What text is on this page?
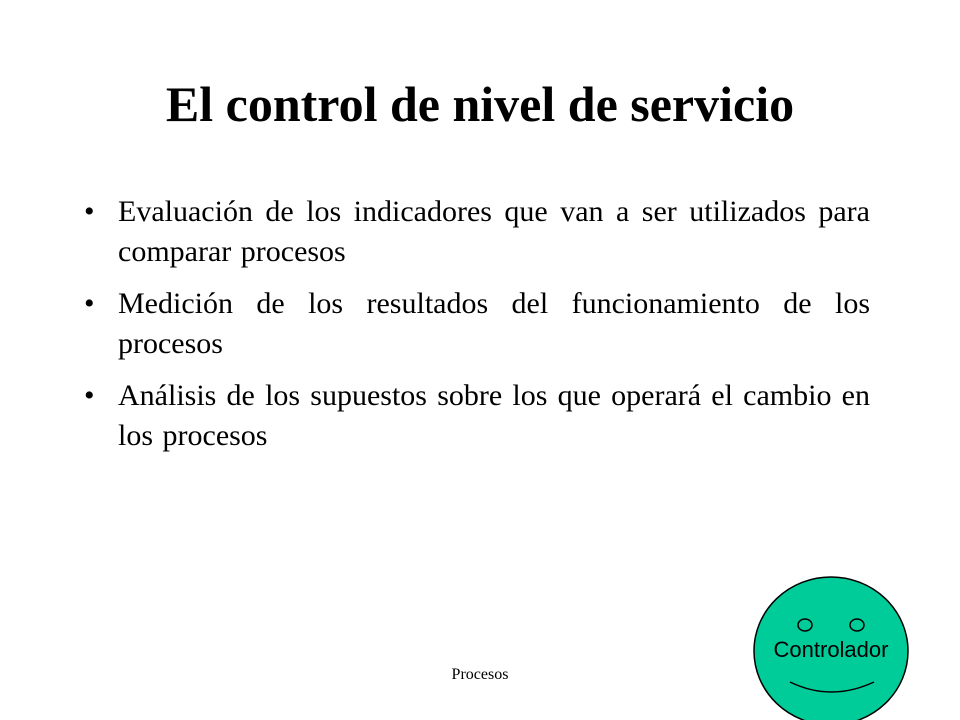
El control de nivel de servicio
• Evaluación de los indicadores que van a ser utilizados para comparar procesos
• Medición de los resultados del funcionamiento de los procesos
• Análisis de los supuestos sobre los que operará el cambio en los procesos
Procesos
Controlador
